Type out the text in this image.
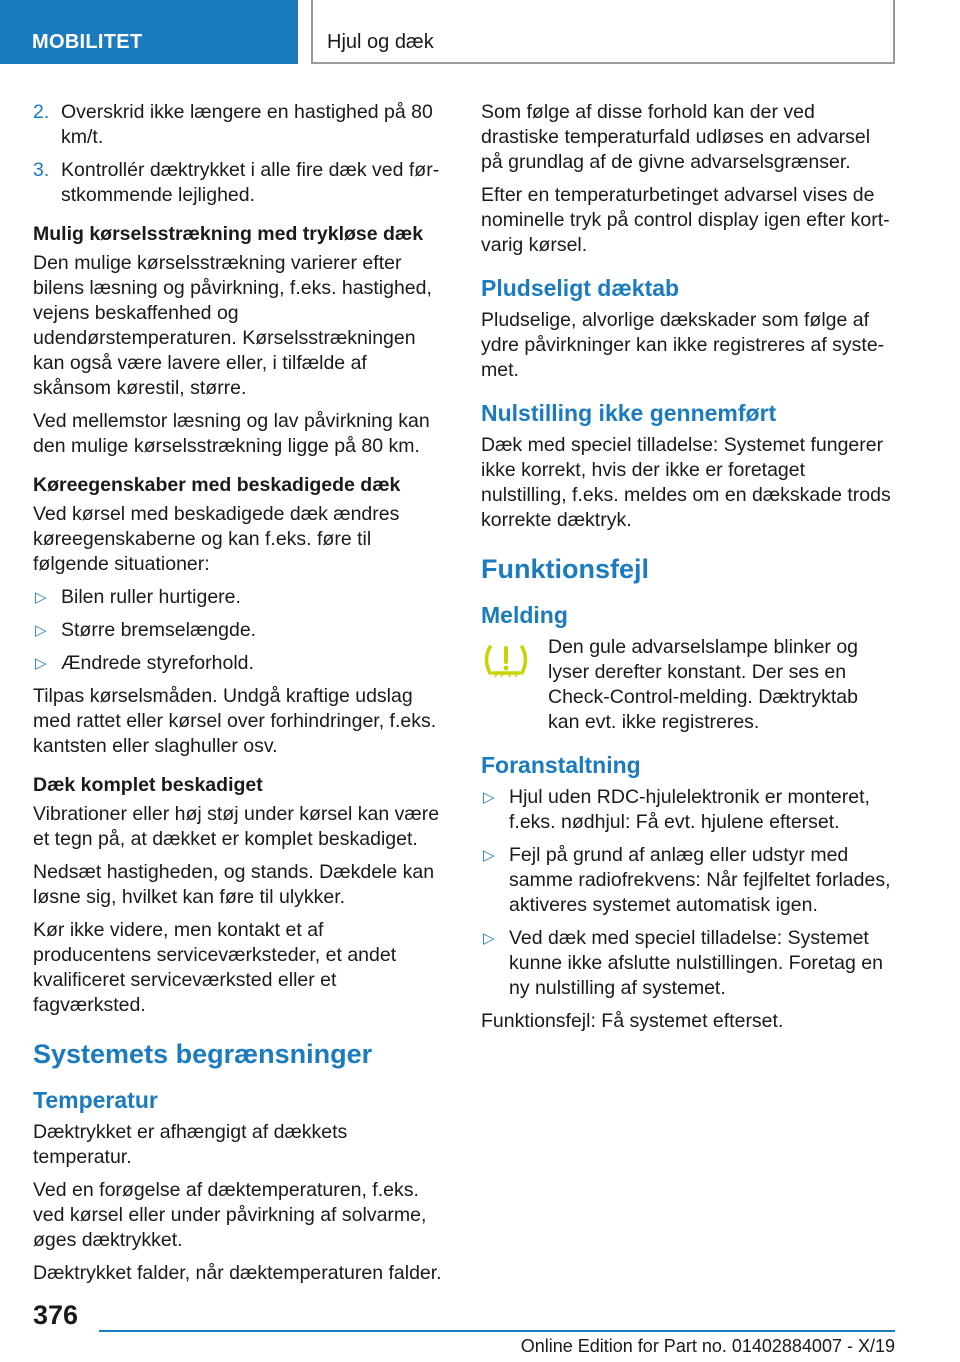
MOBILITET	Hjul og dæk
2. Overskrid ikke længere en hastighed på 80 km/t.
3. Kontrollér dæktrykket i alle fire dæk ved førstkommende lejlighed.
Mulig kørselsstrækning med trykløse dæk

Den mulige kørselsstrækning varierer efter bilens læsning og påvirkning, f.eks. hastighed, vejens beskaffenhed og udendørstemperaturen. Kørselsstrækningen kan også være lavere eller, i tilfælde af skånsom kørestil, større.

Ved mellemstor læsning og lav påvirkning kan den mulige kørselsstrækning ligge på 80 km.

Køreegenskaber med beskadigede dæk

Ved kørsel med beskadigede dæk ændres køreegenskaberne og kan f.eks. føre til følgende situationer:

▷ Bilen ruller hurtigere.
▷ Større bremselængde.
▷ Ændrede styreforhold.

Tilpas kørselsmåden. Undgå kraftige udslag med rattet eller kørsel over forhindringer, f.eks. kantsten eller slaghuller osv.

Dæk komplet beskadiget

Vibrationer eller høj støj under kørsel kan være et tegn på, at dækket er komplet beskadiget.

Nedsæt hastigheden, og stands. Dækdele kan løsne sig, hvilket kan føre til ulykker.

Kør ikke videre, men kontakt et af producentens serviceværksteder, et andet kvalificeret serviceværksted eller et fagværksted.

Systemets begrænsninger
Temperatur

Dæktrykket er afhængigt af dækkets temperatur.

Ved en forøgelse af dæktemperaturen, f.eks. ved kørsel eller under påvirkning af solvarme, øges dæktrykket.

Dæktrykket falder, når dæktemperaturen falder.

Som følge af disse forhold kan der ved drastiske temperaturfald udløses en advarsel på grundlag af de givne advarselsgrænser.

Efter en temperaturbetinget advarsel vises de nominelle tryk på control display igen efter kortvarig kørsel.

Pludseligt dæktab

Pludselige, alvorlige dækskader som følge af ydre påvirkninger kan ikke registreres af systemet.

Nulstilling ikke gennemført

Dæk med speciel tilladelse: Systemet fungerer ikke korrekt, hvis der ikke er foretaget nulstilling, f.eks. meldes om en dækskade trods korrekte dæktryk.

Funktionsfejl
Melding
Den gule advarselslampe blinker og lyser derefter konstant. Der ses en Check-Control-melding. Dæktryktab kan evt. ikke registreres.
Foranstaltning
▷ Hjul uden RDC-hjulelektronik er monteret, f.eks. nødhjul: Få evt. hjulene efterset.
▷ Fejl på grund af anlæg eller udstyr med samme radiofrekvens: Når fejlfeltet forlades, aktiveres systemet automatisk igen.
▷ Ved dæk med speciel tilladelse: Systemet kunne ikke afslutte nulstillingen. Foretag en ny nulstilling af systemet.

Funktionsfejl: Få systemet efterset.

376
Online Edition for Part no. 01402884007 - X/19
